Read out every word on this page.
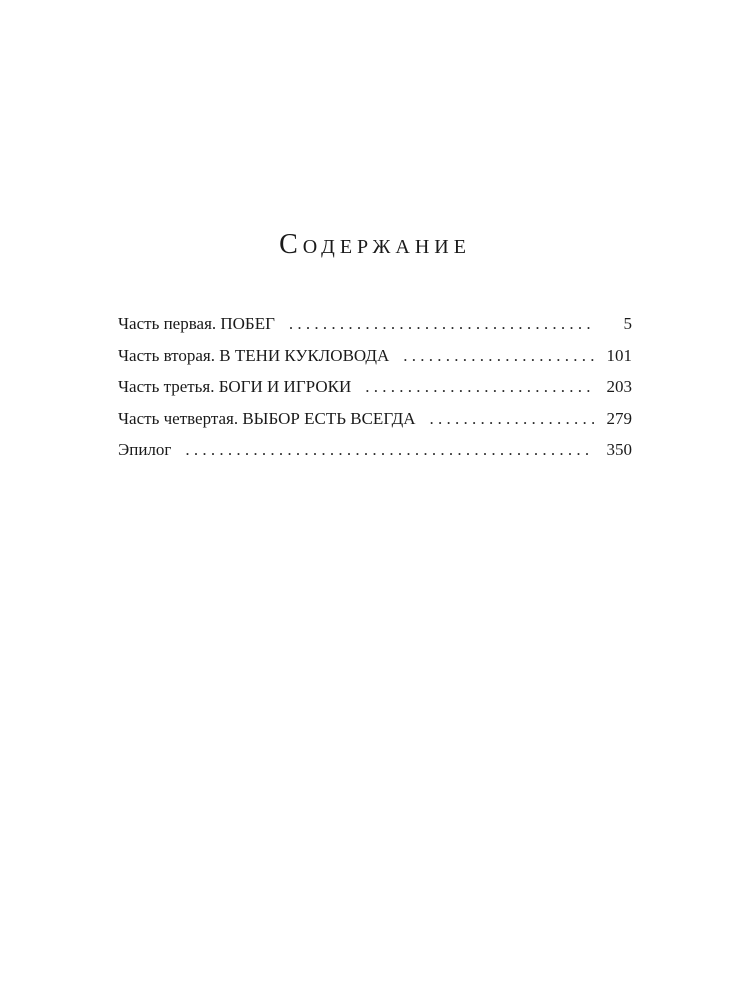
Содержание
Часть первая. ПОБЕГ . . .	5
Часть вторая. В ТЕНИ КУКЛОВОДА . . .	101
Часть третья. БОГИ И ИГРОКИ . . .	203
Часть четвертая. ВЫБОР ЕСТЬ ВСЕГДА . . .	279
Эпилог . . .	350
